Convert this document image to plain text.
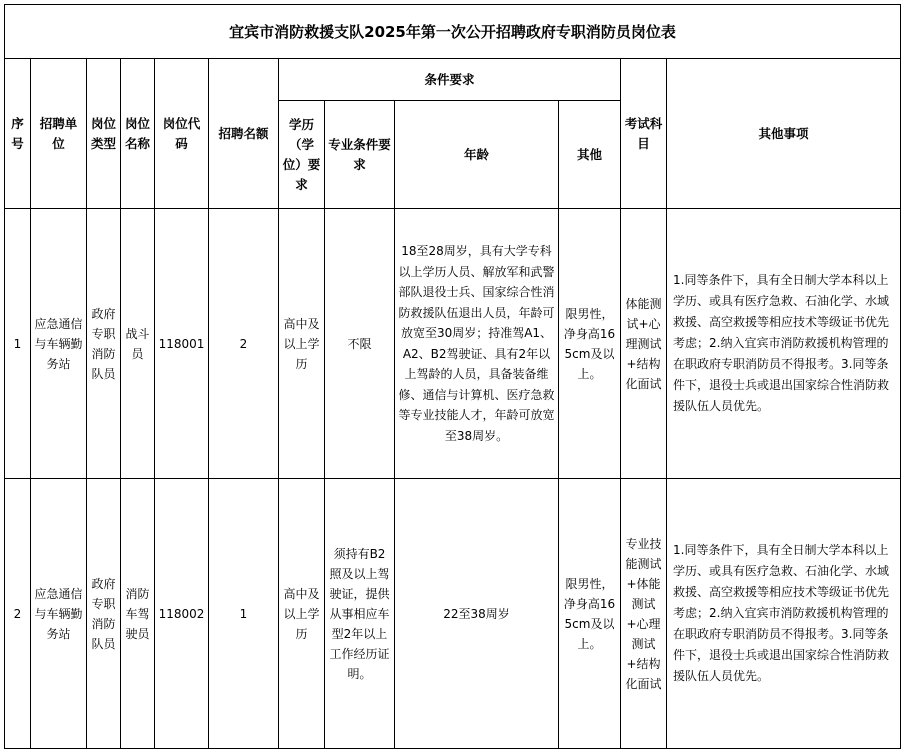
宜宾市消防救援支队2025年第一次公开招聘政府专职消防员岗位表											
序号	招聘单位	岗位类型	岗位名称	岗位代码	招聘名额	条件要求				考试科目	其他事项
						学历（学位）要求	专业条件要求	年龄	其他		
1	应急通信与车辆勤务站	政府专职消防队员	战斗员	118001	2	高中及以上学历	不限	18至28周岁，具有大学专科以上学历人员、解放军和武警部队退役士兵、国家综合性消防救援队伍退出人员，年龄可放宽至30周岁；持准驾A1、A2、B2驾驶证、具有2年以上驾龄的人员，具备装备维修、通信与计算机、医疗急救等专业技能人才，年龄可放宽至38周岁。	限男性，净身高165cm及以上。	体能测试+心理测试+结构化面试	1.同等条件下，具有全日制大学本科以上学历、或具有医疗急救、石油化学、水域救援、高空救援等相应技术等级证书优先考虑；2.纳入宜宾市消防救援机构管理的在职政府专职消防员不得报考。3.同等条件下，退役士兵或退出国家综合性消防救援队伍人员优先。
2	应急通信与车辆勤务站	政府专职消防队员	消防车驾驶员	118002	1	高中及以上学历	须持有B2照及以上驾驶证，提供从事相应车型2年以上工作经历证明。	22至38周岁	限男性，净身高165cm及以上。	专业技能测试+体能测试+心理测试+结构化面试	1.同等条件下，具有全日制大学本科以上学历、或具有医疗急救、石油化学、水域救援、高空救援等相应技术等级证书优先考虑；2.纳入宜宾市消防救援机构管理的在职政府专职消防员不得报考。3.同等条件下，退役士兵或退出国家综合性消防救援队伍人员优先。
